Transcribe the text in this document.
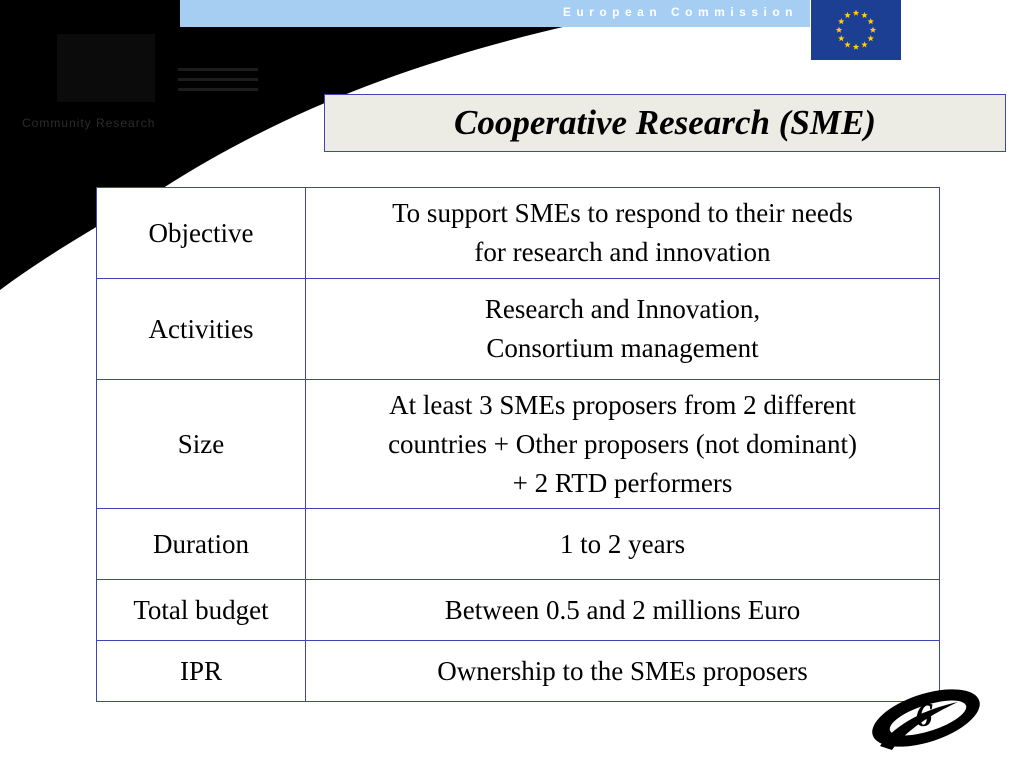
European Commission
Community Research	Cooperative Research (SME)
Objective	To support SMEs to respond to their needs
for research and innovation

Activities	Research and Innovation,
Consortium management

Size	At least 3 SMEs proposers from 2 different
countries + Other proposers (not dominant)
+ 2 RTD performers

Duration	1 to 2 years

Total budget	Between 0.5 and 2 millions Euro

IPR	Ownership to the SMEs proposers
6
